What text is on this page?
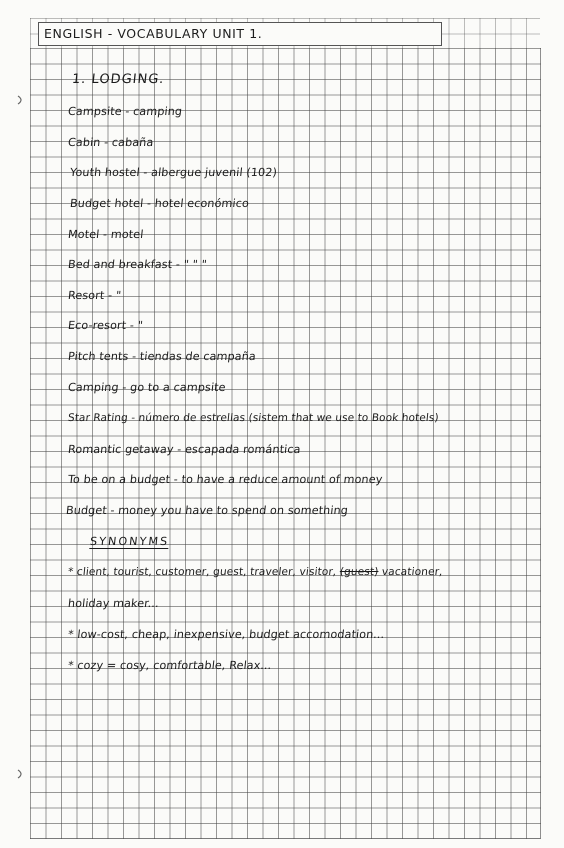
ENGLISH - VOCABULARY UNIT 1.
1. LODGING.
Campsite - camping
Cabin - cabaña
Youth hostel - albergue juvenil (102)
Budget hotel - hotel económico
Motel - motel
Bed and breakfast - " " "
Resort - "
Eco-resort - "
Pitch tents - tiendas de campaña
Camping - go to a campsite
Star Rating - número de estrellas (sistem that we use to Book hotels)
Romantic getaway - escapada romántica
To be on a budget - to have a reduce amount of money
Budget - money you have to spend on something
SYNONYMS
* client, tourist, customer, guest, traveler, visitor, (guest) vacationer,
holiday maker...
* low-cost, cheap, inexpensive, budget accomodation...
* cozy = cosy, comfortable, Relax...
